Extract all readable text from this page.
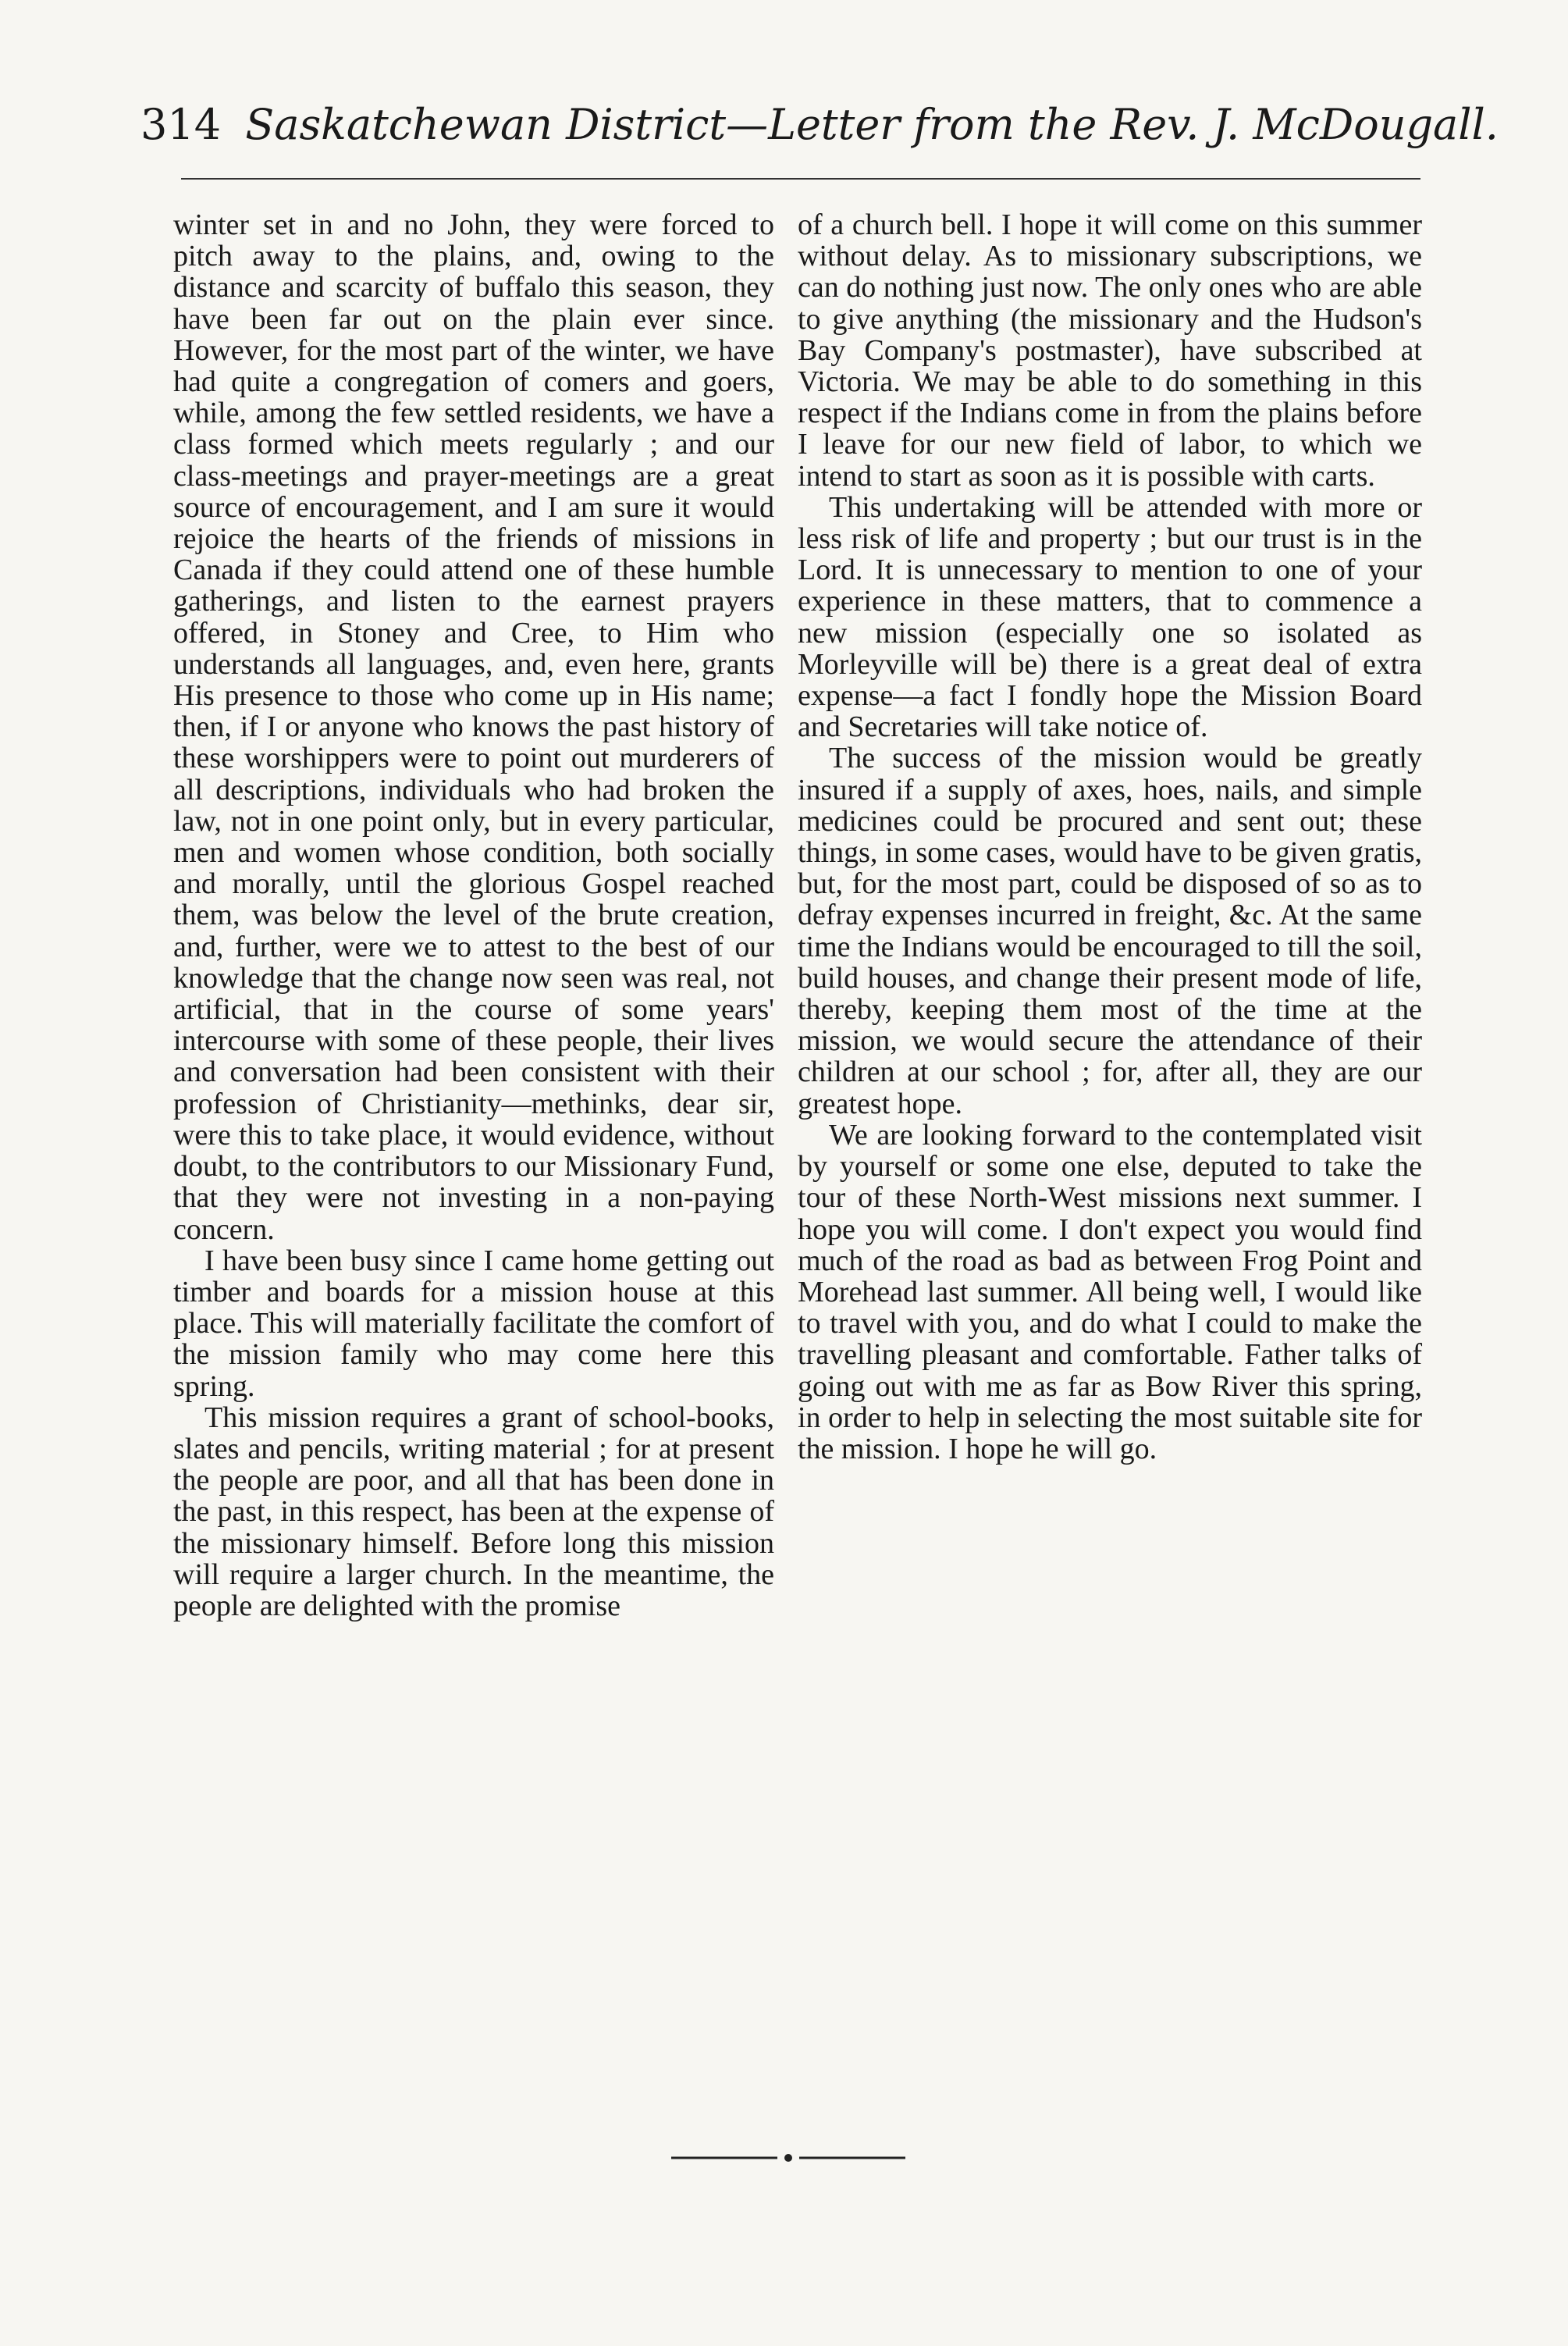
314 Saskatchewan District—Letter from the Rev. J. McDougall.

winter set in and no John, they were forced to pitch away to the plains, and, owing to the distance and scarcity of buffalo this season, they have been far out on the plain ever since. However, for the most part of the winter, we have had quite a congregation of comers and goers, while, among the few settled residents, we have a class formed which meets regularly ; and our class-meetings and prayer-meetings are a great source of encouragement, and I am sure it would rejoice the hearts of the friends of missions in Canada if they could attend one of these humble gatherings, and listen to the earnest prayers offered, in Stoney and Cree, to Him who understands all languages, and, even here, grants His presence to those who come up in His name; then, if I or anyone who knows the past history of these worshippers were to point out murderers of all descriptions, individuals who had broken the law, not in one point only, but in every particular, men and women whose condition, both socially and morally, until the glorious Gospel reached them, was below the level of the brute creation, and, further, were we to attest to the best of our knowledge that the change now seen was real, not artificial, that in the course of some years' intercourse with some of these people, their lives and conversation had been consistent with their profession of Christianity—methinks, dear sir, were this to take place, it would evidence, without doubt, to the contributors to our Missionary Fund, that they were not investing in a non-paying concern.

I have been busy since I came home getting out timber and boards for a mission house at this place. This will materially facilitate the comfort of the mission family who may come here this spring.

This mission requires a grant of school-books, slates and pencils, writing material ; for at present the people are poor, and all that has been done in the past, in this respect, has been at the expense of the missionary himself. Before long this mission will require a larger church. In the meantime, the people are delighted with the promise

of a church bell. I hope it will come on this summer without delay. As to missionary subscriptions, we can do nothing just now. The only ones who are able to give anything (the missionary and the Hudson's Bay Company's postmaster), have subscribed at Victoria. We may be able to do something in this respect if the Indians come in from the plains before I leave for our new field of labor, to which we intend to start as soon as it is possible with carts.

This undertaking will be attended with more or less risk of life and property ; but our trust is in the Lord. It is unnecessary to mention to one of your experience in these matters, that to commence a new mission (especially one so isolated as Morleyville will be) there is a great deal of extra expense—a fact I fondly hope the Mission Board and Secretaries will take notice of.

The success of the mission would be greatly insured if a supply of axes, hoes, nails, and simple medicines could be procured and sent out; these things, in some cases, would have to be given gratis, but, for the most part, could be disposed of so as to defray expenses incurred in freight, &c. At the same time the Indians would be encouraged to till the soil, build houses, and change their present mode of life, thereby, keeping them most of the time at the mission, we would secure the attendance of their children at our school ; for, after all, they are our greatest hope.

We are looking forward to the contemplated visit by yourself or some one else, deputed to take the tour of these North-West missions next summer. I hope you will come. I don't expect you would find much of the road as bad as between Frog Point and Morehead last summer. All being well, I would like to travel with you, and do what I could to make the travelling pleasant and comfortable. Father talks of going out with me as far as Bow River this spring, in order to help in selecting the most suitable site for the mission. I hope he will go.
